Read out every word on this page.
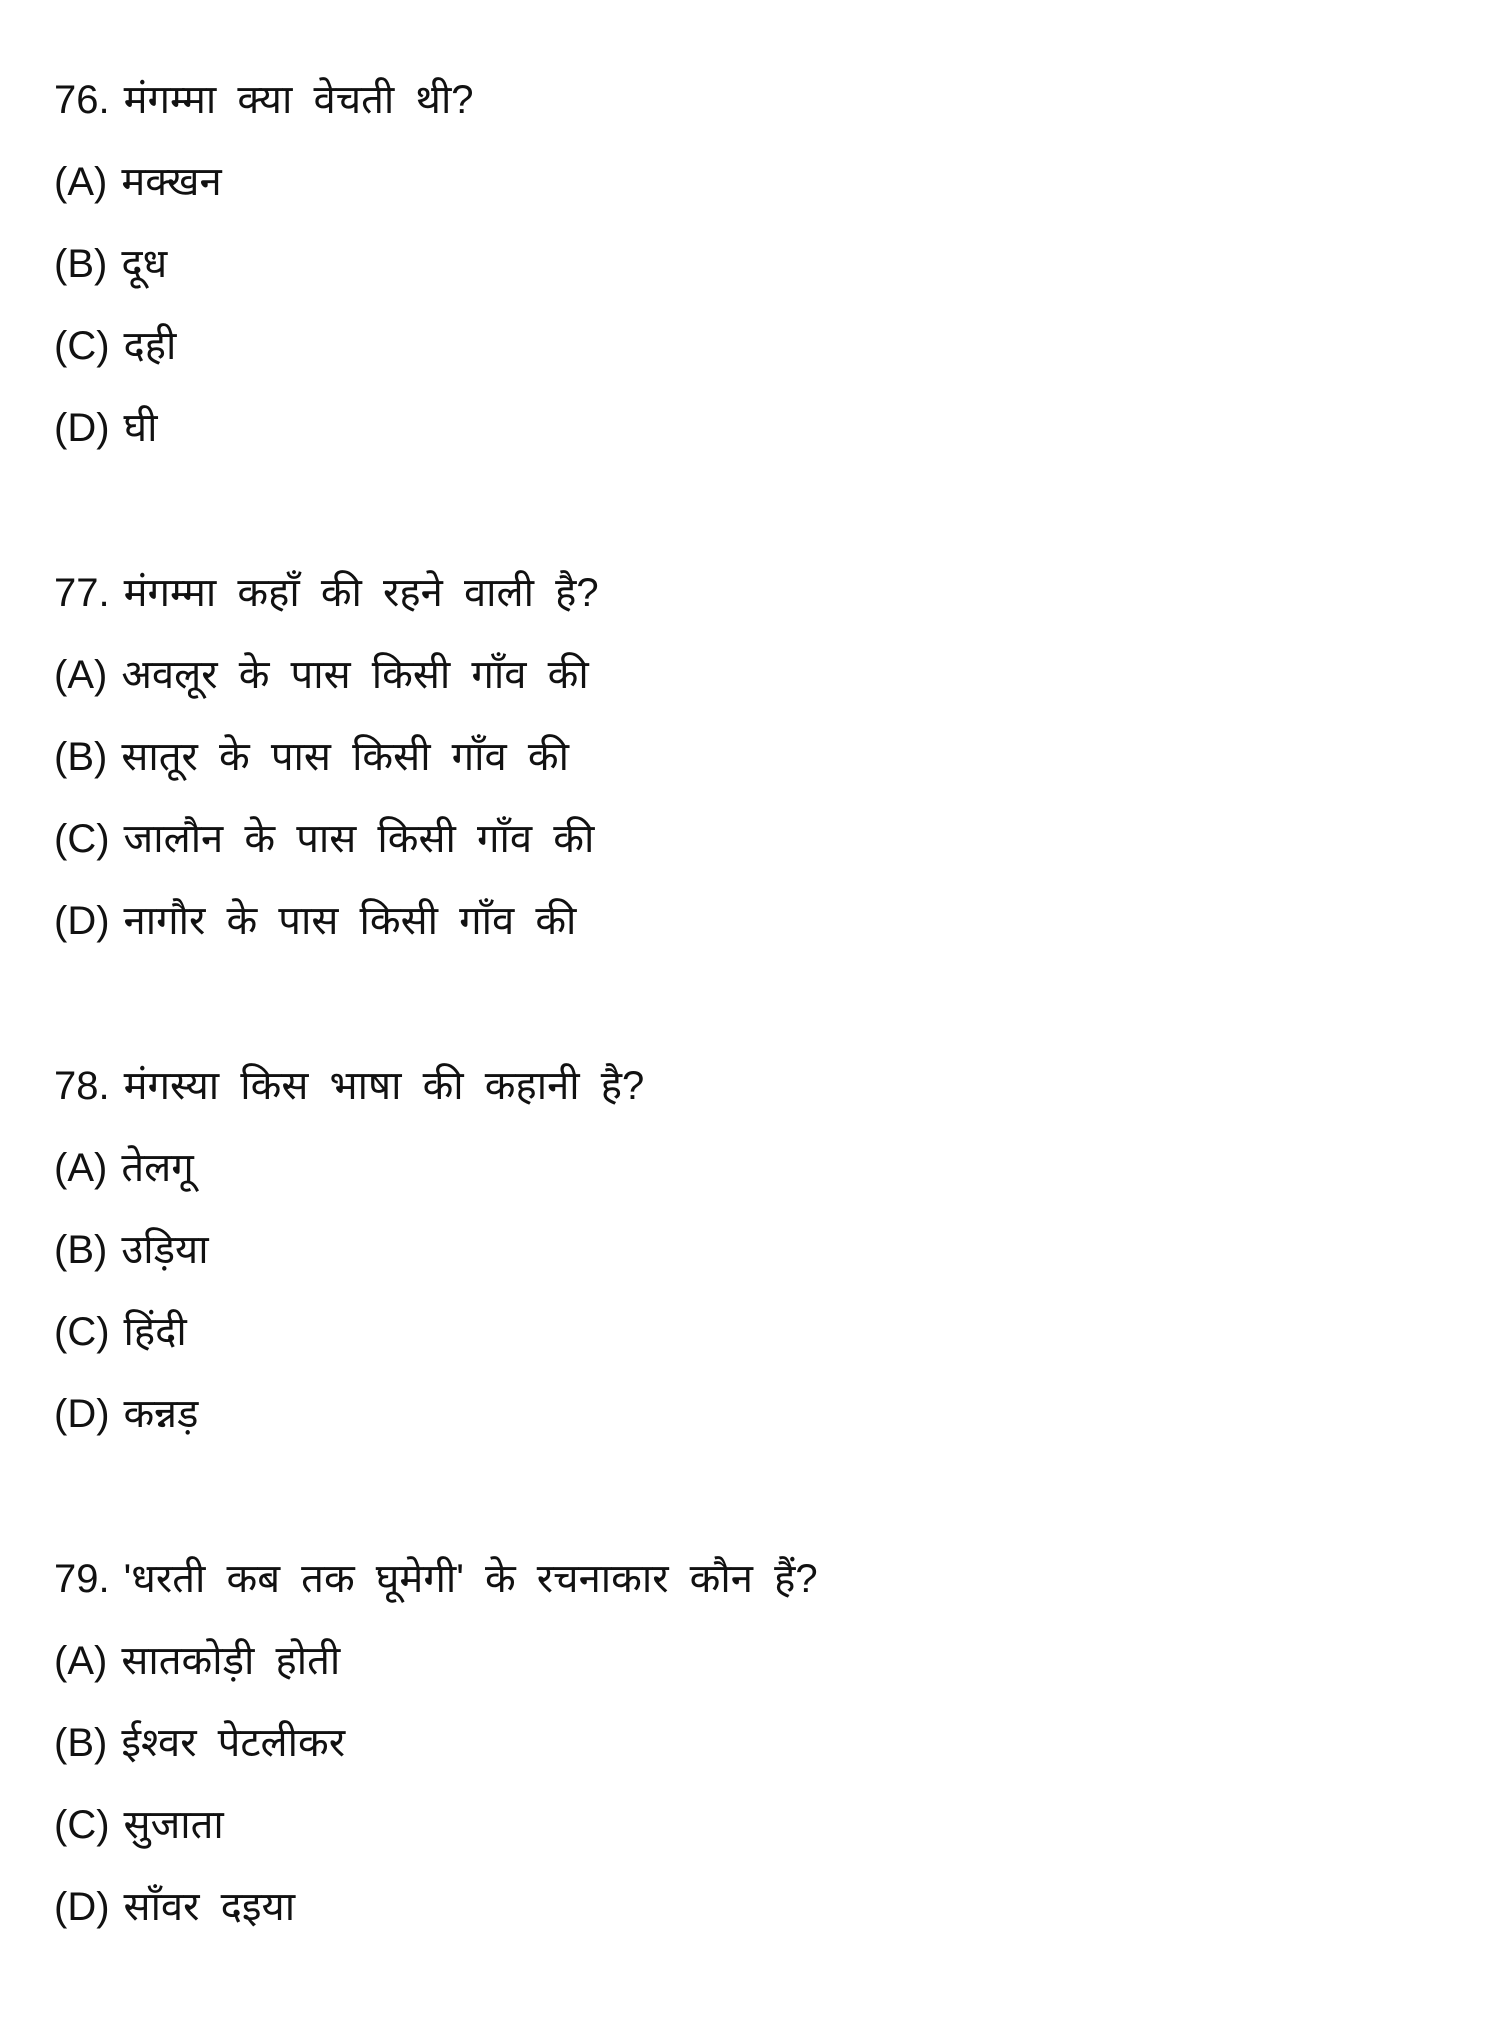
76. मंगम्मा क्या वेचती थी?
(A) मक्खन
(B) दूध
(C) दही
(D) घी
77. मंगम्मा कहाँ की रहने वाली है?
(A) अवलूर के पास किसी गाँव की
(B) सातूर के पास किसी गाँव की
(C) जालौन के पास किसी गाँव की
(D) नागौर के पास किसी गाँव की
78. मंगस्या किस भाषा की कहानी है?
(A) तेलगू
(B) उड़िया
(C) हिंदी
(D) कन्नड़
79. 'धरती कब तक घूमेगी' के रचनाकार कौन हैं?
(A) सातकोड़ी होती
(B) ईश्वर पेटलीकर
(C) सुजाता
(D) साँवर दइया
